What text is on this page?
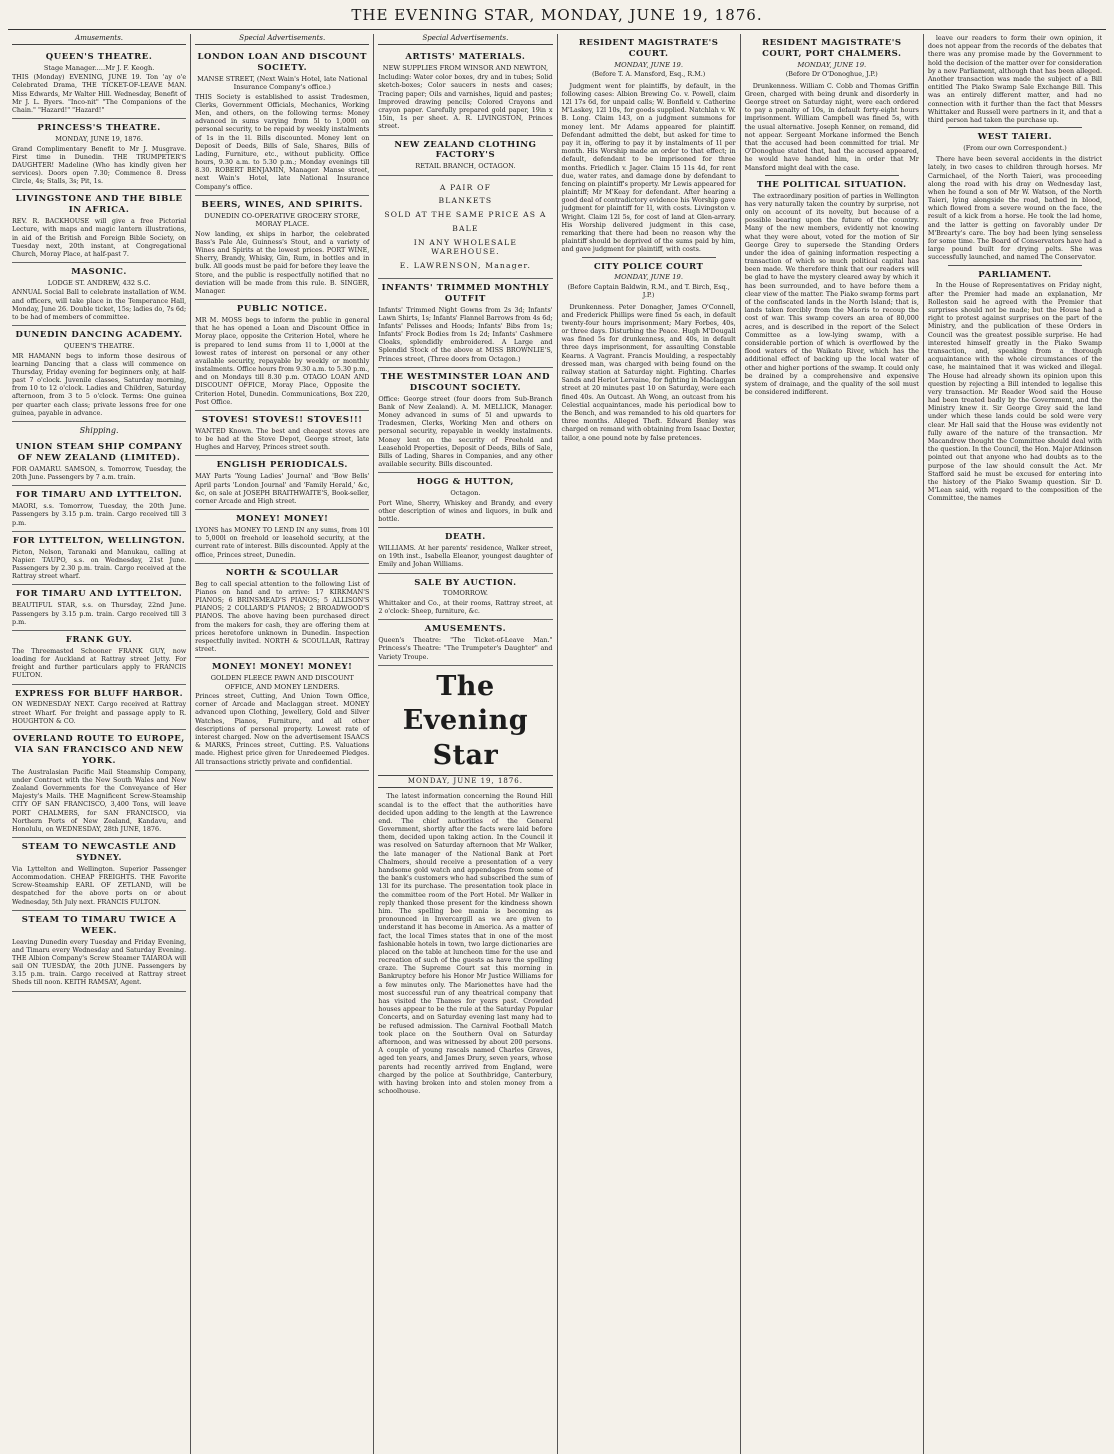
THE EVENING STAR, MONDAY, JUNE 19, 1876.
Amusements.
QUEEN'S THEATRE.
Stage Manager.....Mr J. F. Keogh.
THIS (Monday) EVENING, JUNE 19. Ton 'ay o'e Celebrated Drama, THE TICKET-OF-LEAVE MAN. Miss Edwards, Mr Walter Hill. Wednesday, Benefit of Mr J. L. Byers. "Inco-nit" "The Companions of the Chain." "Hazard!" "Hazard!"
PRINCESS'S THEATRE.
MONDAY, JUNE 19, 1876.
Grand Complimentary Benefit to Mr J. Musgrave. First time in Dunedin. THE TRUMPETER'S DAUGHTER! Madeline (Who has kindly given her services). Doors open 7.30; Commence 8. Dress Circle, 4s; Stalls, 3s; Pit, 1s.
LIVINGSTONE AND THE BIBLE IN AFRICA.
REV. R. BACKHOUSE will give a free Pictorial Lecture, with maps and magic lantern illustrations, in aid of the British and Foreign Bible Society, on Tuesday next, 20th instant, at Congregational Church, Moray Place, at half-past 7.
MASONIC.
LODGE ST. ANDREW, 432 S.C.
ANNUAL Social Ball to celebrate installation of W.M. and officers, will take place in the Temperance Hall, Monday, June 26. Double ticket, 15s; ladies do, 7s 6d; to be had of members of committee.
DUNEDIN DANCING ACADEMY.
QUEEN'S THEATRE.
MR HAMANN begs to inform those desirous of learning Dancing that a class will commence on Thursday, Friday evening for beginners only, at half-past 7 o'clock. Juvenile classes, Saturday morning, from 10 to 12 o'clock. Ladies and Children, Saturday afternoon, from 3 to 5 o'clock. Terms: One guinea per quarter each class; private lessons free for one guinea, payable in advance.
Shipping.
UNION STEAM SHIP COMPANY OF NEW ZEALAND (LIMITED).
FOR OAMARU. SAMSON, s. Tomorrow, Tuesday, the 20th June. Passengers by 7 a.m. train.
FOR TIMARU AND LYTTELTON.
MAORI, s.s. Tomorrow, Tuesday, the 20th June. Passengers by 3.15 p.m. train. Cargo received till 3 p.m.
FOR LYTTELTON, WELLINGTON.
Picton, Nelson, Taranaki and Manukau, calling at Napier. TAUPO, s.s. on Wednesday, 21st June. Passengers by 2.30 p.m. train. Cargo received at the Rattray street wharf.
FOR TIMARU AND LYTTELTON.
BEAUTIFUL STAR, s.s. on Thursday, 22nd June. Passengers by 3.15 p.m. train. Cargo received till 3 p.m.
FRANK GUY.
The Threemasted Schooner FRANK GUY, now loading for Auckland at Rattray street Jetty. For freight and further particulars apply to FRANCIS FULTON.
EXPRESS FOR BLUFF HARBOR.
ON WEDNESDAY NEXT. Cargo received at Rattray street Wharf. For freight and passage apply to R. HOUGHTON & CO.
OVERLAND ROUTE TO EUROPE, VIA SAN FRANCISCO AND NEW YORK.
The Australasian Pacific Mail Steamship Company, under Contract with the New South Wales and New Zealand Governments for the Conveyance of Her Majesty's Mails. THE Magnificent Screw-Steamship CITY OF SAN FRANCISCO, 3,400 Tons, will leave PORT CHALMERS, for SAN FRANCISCO, via Northern Ports of New Zealand, Kandavu, and Honolulu, on WEDNESDAY, 28th JUNE, 1876.
STEAM TO NEWCASTLE AND SYDNEY.
Via Lyttelton and Wellington. Superior Passenger Accommodation. CHEAP FREIGHTS. THE Favorite Screw-Steamship EARL OF ZETLAND, will be despatched for the above ports on or about Wednesday, 5th July next. FRANCIS FULTON.
STEAM TO TIMARU TWICE A WEEK.
Leaving Dunedin every Tuesday and Friday Evening, and Timaru every Wednesday and Saturday Evening. THE Albion Company's Screw Steamer TAIAROA will sail ON TUESDAY, the 20th JUNE. Passengers by 3.15 p.m. train. Cargo received at Rattray street Sheds till noon. KEITH RAMSAY, Agent.
Special Advertisements.
LONDON LOAN AND DISCOUNT SOCIETY.
MANSE STREET, (Next Wain's Hotel, late National Insurance Company's office.)
THIS Society is established to assist Tradesmen, Clerks, Government Officials, Mechanics, Working Men, and others, on the following terms: Money advanced in sums varying from 5l to 1,000l on personal security, to be repaid by weekly instalments of 1s in the 1l. Bills discounted. Money lent on Deposit of Deeds, Bills of Sale, Shares, Bills of Lading, Furniture, etc., without publicity. Office hours, 9.30 a.m. to 5.30 p.m.; Monday evenings till 8.30. ROBERT BENJAMIN, Manager. Manse street, next Wain's Hotel, late National Insurance Company's office.
BEERS, WINES, AND SPIRITS.
DUNEDIN CO-OPERATIVE GROCERY STORE, MORAY PLACE.
Now landing, ex ships in harbor, the celebrated Bass's Pale Ale, Guinness's Stout, and a variety of Wines and Spirits at the lowest prices. PORT WINE, Sherry, Brandy, Whisky, Gin, Rum, in bottles and in bulk. All goods must be paid for before they leave the Store, and the public is respectfully notified that no deviation will be made from this rule. B. SINGER, Manager.
PUBLIC NOTICE.
MR M. MOSS begs to inform the public in general that he has opened a Loan and Discount Office in Moray place, opposite the Criterion Hotel, where he is prepared to lend sums from 1l to 1,000l at the lowest rates of interest on personal or any other available security, repayable by weekly or monthly instalments. Office hours from 9.30 a.m. to 5.30 p.m., and on Mondays till 8.30 p.m. OTAGO LOAN AND DISCOUNT OFFICE, Moray Place, Opposite the Criterion Hotel, Dunedin. Communications, Box 220, Post Office.
STOVES! STOVES!! STOVES!!!
WANTED Known. The best and cheapest stoves are to be had at the Stove Depot, George street, late Hughes and Harvey, Princes street south.
ENGLISH PERIODICALS.
MAY Parts 'Young Ladies' Journal' and 'Bow Bells' April parts 'London Journal' and 'Family Herald,' &c, &c, on sale at JOSEPH BRAITHWAITE'S, Book-seller, corner Arcade and High street.
MONEY! MONEY!
LYONS has MONEY TO LEND IN any sums, from 10l to 5,000l on freehold or leasehold security, at the current rate of interest. Bills discounted. Apply at the office, Princes street, Dunedin.
NORTH & SCOULLAR
Beg to call special attention to the following List of Pianos on hand and to arrive: 17 KIRKMAN'S PIANOS; 6 BRINSMEAD'S PIANOS; 5 ALLISON'S PIANOS; 2 COLLARD'S PIANOS; 2 BROADWOOD'S PIANOS. The above having been purchased direct from the makers for cash, they are offering them at prices heretofore unknown in Dunedin. Inspection respectfully invited. NORTH & SCOULLAR, Rattray street.
MONEY! MONEY! MONEY!
GOLDEN FLEECE PAWN AND DISCOUNT OFFICE, AND MONEY LENDERS.
Princes street, Cutting, And Union Town Office, corner of Arcade and Maclaggan street. MONEY advanced upon Clothing, Jewellery, Gold and Silver Watches, Pianos, Furniture, and all other descriptions of personal property. Lowest rate of interest charged. Now on the advertisement ISAACS & MARKS, Princes street, Cutting. P.S. Valuations made. Highest price given for Unredeemed Pledges. All transactions strictly private and confidential.
Special Advertisements.
ARTISTS' MATERIALS.
NEW SUPPLIES FROM WINSOR AND NEWTON,
Including: Water color boxes, dry and in tubes; Solid sketch-boxes; Color saucers in nests and cases; Tracing paper; Oils and varnishes, liquid and pastes; Improved drawing pencils; Colored Crayons and crayon paper. Carefully prepared gold paper, 19in x 15in, 1s per sheet. A. R. LIVINGSTON, Princes street.
NEW ZEALAND CLOTHING FACTORY'S
RETAIL BRANCH, OCTAGON.
A PAIR OF
BLANKETS
SOLD AT THE SAME PRICE AS A
BALE
IN ANY WHOLESALE WAREHOUSE.
E. LAWRENSON, Manager.
INFANTS' TRIMMED MONTHLY OUTFIT
Infants' Trimmed Night Gowns from 2s 3d; Infants' Lawn Shirts, 1s; Infants' Flannel Barrows from 4s 6d; Infants' Pelisses and Hoods; Infants' Bibs from 1s; Infants' Frock Bodies from 1s 2d; Infants' Cashmere Cloaks, splendidly embroidered. A Large and Splendid Stock of the above at MISS BROWNLIE'S, Princes street, (Three doors from Octagon.)
THE WESTMINSTER LOAN AND DISCOUNT SOCIETY.
Office: George street (four doors from Sub-Branch Bank of New Zealand). A. M. MELLICK, Manager. Money advanced in sums of 5l and upwards to Tradesmen, Clerks, Working Men and others on personal security, repayable in weekly instalments. Money lent on the security of Freehold and Leasehold Properties, Deposit of Deeds, Bills of Sale, Bills of Lading, Shares in Companies, and any other available security. Bills discounted.
HOGG & HUTTON,
Octagon.
Port Wine, Sherry, Whiskey and Brandy, and every other description of wines and liquors, in bulk and bottle.
DEATH.
WILLIAMS. At her parents' residence, Walker street, on 19th inst., Isabella Eleanor, youngest daughter of Emily and Johan Williams.
SALE BY AUCTION.
TOMORROW.
Whittaker and Co., at their rooms, Rattray street, at 2 o'clock: Sheep, furniture, &c.
AMUSEMENTS.
Queen's Theatre: "The Ticket-of-Leave Man." Princess's Theatre: "The Trumpeter's Daughter" and Variety Troupe.
The Evening Star
MONDAY, JUNE 19, 1876.

The latest information concerning the Round Hill scandal is to the effect that the authorities have decided upon adding to the length at the Lawrence end. The chief authorities of the General Government, shortly after the facts were laid before them, decided upon taking action. In the Council it was resolved on Saturday afternoon that Mr Walker, the late manager of the National Bank at Port Chalmers, should receive a presentation of a very handsome gold watch and appendages from some of the bank's customers who had subscribed the sum of 13l for its purchase. The presentation took place in the committee room of the Port Hotel. Mr Walker in reply thanked those present for the kindness shown him. The spelling bee mania is becoming as pronounced in Invercargill as we are given to understand it has become in America. As a matter of fact, the local Times states that in one of the most fashionable hotels in town, two large dictionaries are placed on the table at luncheon time for the use and recreation of such of the guests as have the spelling craze. The Supreme Court sat this morning in Bankruptcy before his Honor Mr Justice Williams for a few minutes only. The Marionettes have had the most successful run of any theatrical company that has visited the Thames for years past. Crowded houses appear to be the rule at the Saturday Popular Concerts, and on Saturday evening last many had to be refused admission. The Carnival Football Match took place on the Southern Oval on Saturday afternoon, and was witnessed by about 200 persons. A couple of young rascals named Charles Graves, aged ten years, and James Drury, seven years, whose parents had recently arrived from England, were charged by the police at Southbridge, Canterbury, with having broken into and stolen money from a schoolhouse.

RESIDENT MAGISTRATE'S COURT.
MONDAY, JUNE 19.
(Before T. A. Mansford, Esq., R.M.)

Judgment went for plaintiffs, by default, in the following cases: Albion Brewing Co. v. Powell, claim 12l 17s 6d, for unpaid calls; W. Bonfield v. Catherine M'Laskey, 12l 10s, for goods supplied. Natchlah v. W. B. Long. Claim 143, on a judgment summons for money lent. Mr Adams appeared for plaintiff. Defendant admitted the debt, but asked for time to pay it in, offering to pay it by instalments of 1l per month. His Worship made an order to that effect; in default, defendant to be imprisoned for three months. Friedlich v. Jager. Claim 15 11s 4d, for rent due, water rates, and damage done by defendant to fencing on plaintiff's property. Mr Lewis appeared for plaintiff; Mr M'Keay for defendant. After hearing a good deal of contradictory evidence his Worship gave judgment for plaintiff for 1l, with costs. Livingston v. Wright. Claim 12l 5s, for cost of land at Glen-arrary. His Worship delivered judgment in this case, remarking that there had been no reason why the plaintiff should be deprived of the sums paid by him, and gave judgment for plaintiff, with costs.

CITY POLICE COURT
MONDAY, JUNE 19.
(Before Captain Baldwin, R.M., and T. Birch, Esq., J.P.)

Drunkenness. Peter Donagher, James O'Connell, and Frederick Phillips were fined 5s each, in default twenty-four hours imprisonment; Mary Forbes, 40s, or three days. Disturbing the Peace. Hugh M'Dougall was fined 5s for drunkenness, and 40s, in default three days imprisonment, for assaulting Constable Kearns. A Vagrant. Francis Moulding, a respectably dressed man, was charged with being found on the railway station at Saturday night. Fighting. Charles Sands and Heriot Lervaine, for fighting in Maclaggan street at 20 minutes past 10 on Saturday, were each fined 40s. An Outcast. Ah Wong, an outcast from his Celestial acquaintances, made his periodical bow to the Bench, and was remanded to his old quarters for three months. Alleged Theft. Edward Benley was charged on remand with obtaining from Isaac Dexter, tailor, a one pound note by false pretences.

RESIDENT MAGISTRATE'S COURT, PORT CHALMERS.
MONDAY, JUNE 19.
(Before Dr O'Donoghue, J.P.)

Drunkenness. William C. Cobb and Thomas Griffin Green, charged with being drunk and disorderly in George street on Saturday night, were each ordered to pay a penalty of 10s, in default forty-eight hours imprisonment. William Campbell was fined 5s, with the usual alternative. Joseph Kenner, on remand, did not appear. Sergeant Morkane informed the Bench that the accused had been committed for trial. Mr O'Donoghue stated that, had the accused appeared, he would have handed him, in order that Mr Mansford might deal with the case.

THE POLITICAL SITUATION.

The extraordinary position of parties in Wellington has very naturally taken the country by surprise, not only on account of its novelty, but because of a possible bearing upon the future of the country. Many of the new members, evidently not knowing what they were about, voted for the motion of Sir George Grey to supersede the Standing Orders under the idea of gaining information respecting a transaction of which so much political capital has been made. We therefore think that our readers will be glad to have the mystery cleared away by which it has been surrounded, and to have before them a clear view of the matter. The Piako swamp forms part of the confiscated lands in the North Island; that is, lands taken forcibly from the Maoris to recoup the cost of war. This swamp covers an area of 80,000 acres, and is described in the report of the Select Committee as a low-lying swamp, with a considerable portion of which is overflowed by the flood waters of the Waikato River, which has the additional effect of backing up the local water of other and higher portions of the swamp. It could only be drained by a comprehensive and expensive system of drainage, and the quality of the soil must be considered indifferent.

leave our readers to form their own opinion, it does not appear from the records of the debates that there was any promise made by the Government to hold the decision of the matter over for consideration by a new Parliament, although that has been alleged. Another transaction was made the subject of a Bill entitled The Piako Swamp Sale Exchange Bill. This was an entirely different matter, and had no connection with it further than the fact that Messrs Whittaker and Russell were partners in it, and that a third person had taken the purchase up.

WEST TAIERI.
(From our own Correspondent.)

There have been several accidents in the district lately, in two cases to children through horses. Mr Carmichael, of the North Taieri, was proceeding along the road with his dray on Wednesday last, when he found a son of Mr W. Watson, of the North Taieri, lying alongside the road, bathed in blood, which flowed from a severe wound on the face, the result of a kick from a horse. He took the lad home, and the latter is getting on favorably under Dr M'Brearty's care. The boy had been lying senseless for some time. The Board of Conservators have had a large pound built for drying pelts. She was successfully launched, and named The Conservator.

PARLIAMENT.

In the House of Representatives on Friday night, after the Premier had made an explanation, Mr Rolleston said he agreed with the Premier that surprises should not be made; but the House had a right to protest against surprises on the part of the Ministry, and the publication of these Orders in Council was the greatest possible surprise. He had interested himself greatly in the Piako Swamp transaction, and, speaking from a thorough acquaintance with the whole circumstances of the case, he maintained that it was wicked and illegal. The House had already shown its opinion upon this question by rejecting a Bill intended to legalise this very transaction. Mr Reader Wood said the House had been treated badly by the Government, and the Ministry knew it. Sir George Grey said the land under which these lands could be sold were very clear. Mr Hall said that the House was evidently not fully aware of the nature of the transaction. Mr Macandrew thought the Committee should deal with the question. In the Council, the Hon. Major Atkinson pointed out that anyone who had doubts as to the purpose of the law should consult the Act. Mr Stafford said he must be excused for entering into the history of the Piako Swamp question. Sir D. M'Lean said, with regard to the composition of the Committee, the names
